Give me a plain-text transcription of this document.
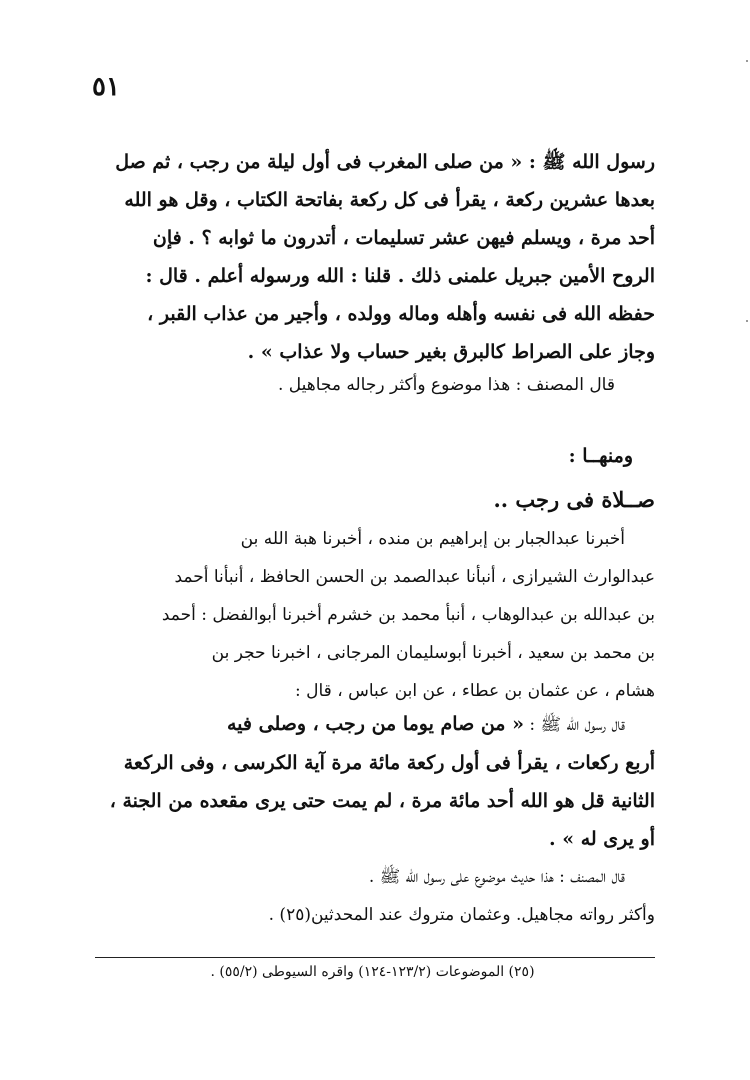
٥١
رسول الله ﷺ : « من صلى المغرب فى أول ليلة من رجب ، ثم صل
بعدها عشرين ركعة ، يقرأ فى كل ركعة بفاتحة الكتاب ، وقل هو الله
أحد مرة ، ويسلم فيهن عشر تسليمات ، أتدرون ما ثوابه ؟ . فإن
الروح الأمين جبريل علمنى ذلك . قلنا : الله ورسوله أعلم . قال :
حفظه الله فى نفسه وأهله وماله وولده ، وأجير من عذاب القبر ،
وجاز على الصراط كالبرق بغير حساب ولا عذاب » .
قال المصنف : هذا موضوع وأكثر رجاله مجاهيل .
ومنهــا :
صــلاة فى رجب ..
أخبرنا عبدالجبار بن إبراهيم بن منده ، أخبرنا هبة الله بن
عبدالوارث الشيرازى ، أنبأنا عبدالصمد بن الحسن الحافظ ، أنبأنا أحمد
بن عبدالله بن عبدالوهاب ، أنبأ محمد بن خشرم أخبرنا أبوالفضل : أحمد
بن محمد بن سعيد ، أخبرنا أبوسليمان المرجانى ، اخبرنا حجر بن
هشام ، عن عثمان بن عطاء ، عن ابن عباس ، قال :
قال رسول الله ﷺ : « من صام يوما من رجب ، وصلى فيه
أربع ركعات ، يقرأ فى أول ركعة مائة مرة آية الكرسى ، وفى الركعة
الثانية قل هو الله أحد مائة مرة ، لم يمت حتى يرى مقعده من الجنة ،
أو يرى له » .
قال المصنف : هذا حديث موضوع على رسول الله ﷺ .
وأكثر رواته مجاهيل. وعثمان متروك عند المحدثين(٢٥) .
(٢٥) الموضوعات (١٢٣/٢-١٢٤) واقره السيوطى (٥٥/٢) .
